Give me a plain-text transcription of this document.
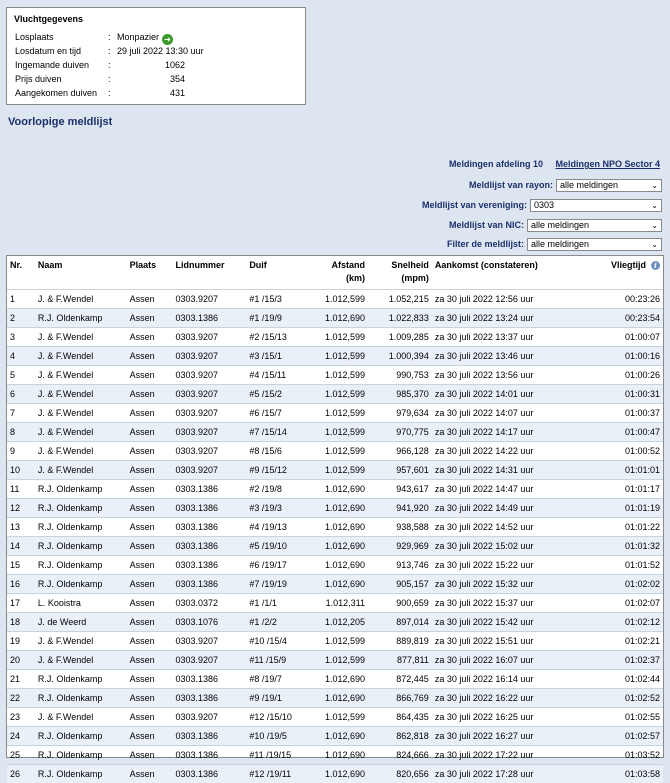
Vluchtgegevens
Losplaats	: Monpazier ➜
Losdatum en tijd	: 29 juli 2022 13:30 uur
Ingemande duiven :	1062
Prijs duiven	:	354
Aangekomen duiven :	431
Voorlopige meldlijst
Meldingen afdeling 10 Meldingen NPO Sector 4
Meldlijst van rayon: alle meldingen	⌄
Meldlijst van vereniging: 0303	⌄
Meldlijst van NIC: alle meldingen	⌄
Filter de meldlijst: alle meldingen	⌄
Nr.	Naam	Plaats	Lidnummer	Duif	Afstand
(km)	Snelheid
(mpm)	Aankomst (constateren)	Vliegtijd i
1	J. & F.Wendel	Assen	0303.9207	#1 /15/3	1.012,599	1.052,215	za 30 juli 2022 12:56 uur	00:23:26
2	R.J. Oldenkamp	Assen	0303.1386	#1 /19/9	1.012,690	1.022,833	za 30 juli 2022 13:24 uur	00:23:54
3	J. & F.Wendel	Assen	0303.9207	#2 /15/13	1.012,599	1.009,285	za 30 juli 2022 13:37 uur	01:00:07
4	J. & F.Wendel	Assen	0303.9207	#3 /15/1	1.012,599	1.000,394	za 30 juli 2022 13:46 uur	01:00:16
5	J. & F.Wendel	Assen	0303.9207	#4 /15/11	1.012,599	990,753	za 30 juli 2022 13:56 uur	01:00:26
6	J. & F.Wendel	Assen	0303.9207	#5 /15/2	1.012,599	985,370	za 30 juli 2022 14:01 uur	01:00:31
7	J. & F.Wendel	Assen	0303.9207	#6 /15/7	1.012,599	979,634	za 30 juli 2022 14:07 uur	01:00:37
8	J. & F.Wendel	Assen	0303.9207	#7 /15/14	1.012,599	970,775	za 30 juli 2022 14:17 uur	01:00:47
9	J. & F.Wendel	Assen	0303.9207	#8 /15/6	1.012,599	966,128	za 30 juli 2022 14:22 uur	01:00:52
10	J. & F.Wendel	Assen	0303.9207	#9 /15/12	1.012,599	957,601	za 30 juli 2022 14:31 uur	01:01:01
11	R.J. Oldenkamp	Assen	0303.1386	#2 /19/8	1.012,690	943,617	za 30 juli 2022 14:47 uur	01:01:17
12	R.J. Oldenkamp	Assen	0303.1386	#3 /19/3	1.012,690	941,920	za 30 juli 2022 14:49 uur	01:01:19
13	R.J. Oldenkamp	Assen	0303.1386	#4 /19/13	1.012,690	938,588	za 30 juli 2022 14:52 uur	01:01:22
14	R.J. Oldenkamp	Assen	0303.1386	#5 /19/10	1.012,690	929,969	za 30 juli 2022 15:02 uur	01:01:32
15	R.J. Oldenkamp	Assen	0303.1386	#6 /19/17	1.012,690	913,746	za 30 juli 2022 15:22 uur	01:01:52
16	R.J. Oldenkamp	Assen	0303.1386	#7 /19/19	1.012,690	905,157	za 30 juli 2022 15:32 uur	01:02:02
17	L. Kooistra	Assen	0303.0372	#1 /1/1	1.012,311	900,659	za 30 juli 2022 15:37 uur	01:02:07
18	J. de Weerd	Assen	0303.1076	#1 /2/2	1.012,205	897,014	za 30 juli 2022 15:42 uur	01:02:12
19	J. & F.Wendel	Assen	0303.9207	#10 /15/4	1.012,599	889,819	za 30 juli 2022 15:51 uur	01:02:21
20	J. & F.Wendel	Assen	0303.9207	#11 /15/9	1.012,599	877,811	za 30 juli 2022 16:07 uur	01:02:37
21	R.J. Oldenkamp	Assen	0303.1386	#8 /19/7	1.012,690	872,445	za 30 juli 2022 16:14 uur	01:02:44
22	R.J. Oldenkamp	Assen	0303.1386	#9 /19/1	1.012,690	866,769	za 30 juli 2022 16:22 uur	01:02:52
23	J. & F.Wendel	Assen	0303.9207	#12 /15/10	1.012,599	864,435	za 30 juli 2022 16:25 uur	01:02:55
24	R.J. Oldenkamp	Assen	0303.1386	#10 /19/5	1.012,690	862,818	za 30 juli 2022 16:27 uur	01:02:57
25	R.J. Oldenkamp	Assen	0303.1386	#11 /19/15	1.012,690	824,666	za 30 juli 2022 17:22 uur	01:03:52
26	R.J. Oldenkamp	Assen	0303.1386	#12 /19/11	1.012,690	820,656	za 30 juli 2022 17:28 uur	01:03:58
